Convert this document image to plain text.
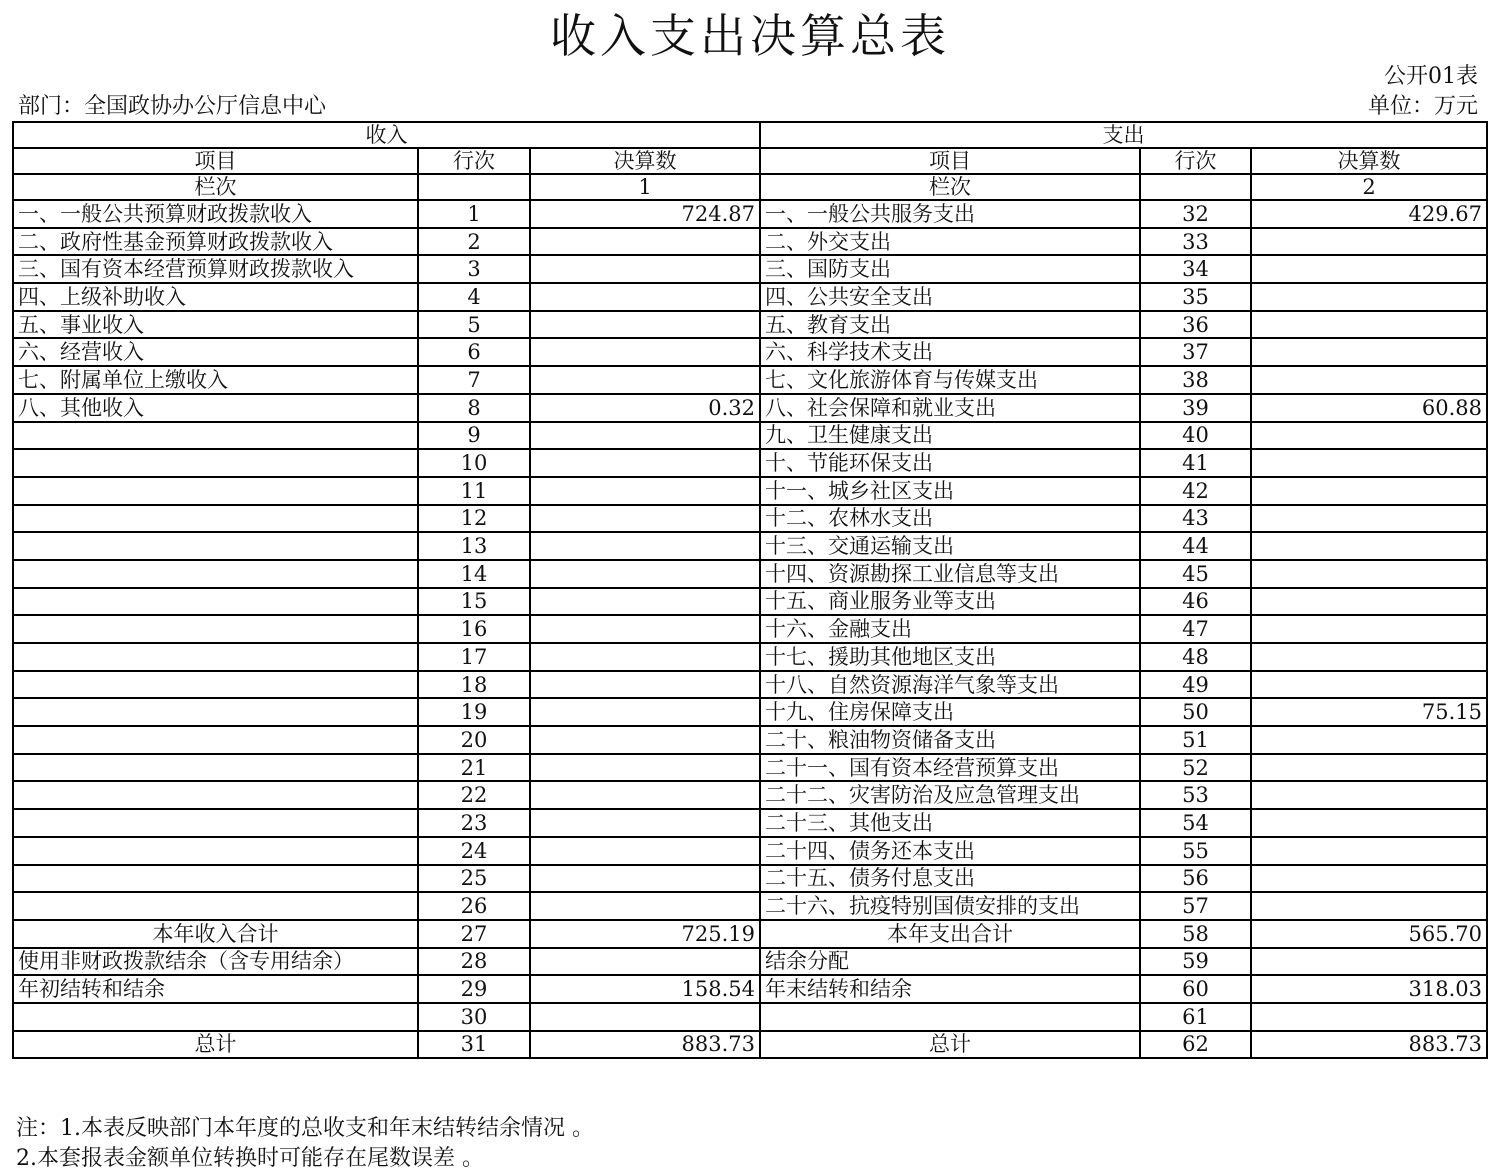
收入支出决算总表
公开01表
部门：全国政协办公厅信息中心	单位：万元
收入			支出		
项目	行次	决算数	项目	行次	决算数
栏次		1	栏次		2
一、一般公共预算财政拨款收入	1	724.87	一、一般公共服务支出	32	429.67
二、政府性基金预算财政拨款收入	2		二、外交支出	33	
三、国有资本经营预算财政拨款收入	3		三、国防支出	34	
四、上级补助收入	4		四、公共安全支出	35	
五、事业收入	5		五、教育支出	36	
六、经营收入	6		六、科学技术支出	37	
七、附属单位上缴收入	7		七、文化旅游体育与传媒支出	38	
八、其他收入	8	0.32	八、社会保障和就业支出	39	60.88
	9		九、卫生健康支出	40	
	10		十、节能环保支出	41	
	11		十一、城乡社区支出	42	
	12		十二、农林水支出	43	
	13		十三、交通运输支出	44	
	14		十四、资源勘探工业信息等支出	45	
	15		十五、商业服务业等支出	46	
	16		十六、金融支出	47	
	17		十七、援助其他地区支出	48	
	18		十八、自然资源海洋气象等支出	49	
	19		十九、住房保障支出	50	75.15
	20		二十、粮油物资储备支出	51	
	21		二十一、国有资本经营预算支出	52	
	22		二十二、灾害防治及应急管理支出	53	
	23		二十三、其他支出	54	
	24		二十四、债务还本支出	55	
	25		二十五、债务付息支出	56	
	26		二十六、抗疫特别国债安排的支出	57	
本年收入合计	27	725.19	本年支出合计	58	565.70
使用非财政拨款结余（含专用结余）	28		结余分配	59	
年初结转和结余	29	158.54	年末结转和结余	60	318.03
	30			61	
总计	31	883.73	总计	62	883.73
注：1.本表反映部门本年度的总收支和年末结转结余情况 。
2.本套报表金额单位转换时可能存在尾数误差 。
